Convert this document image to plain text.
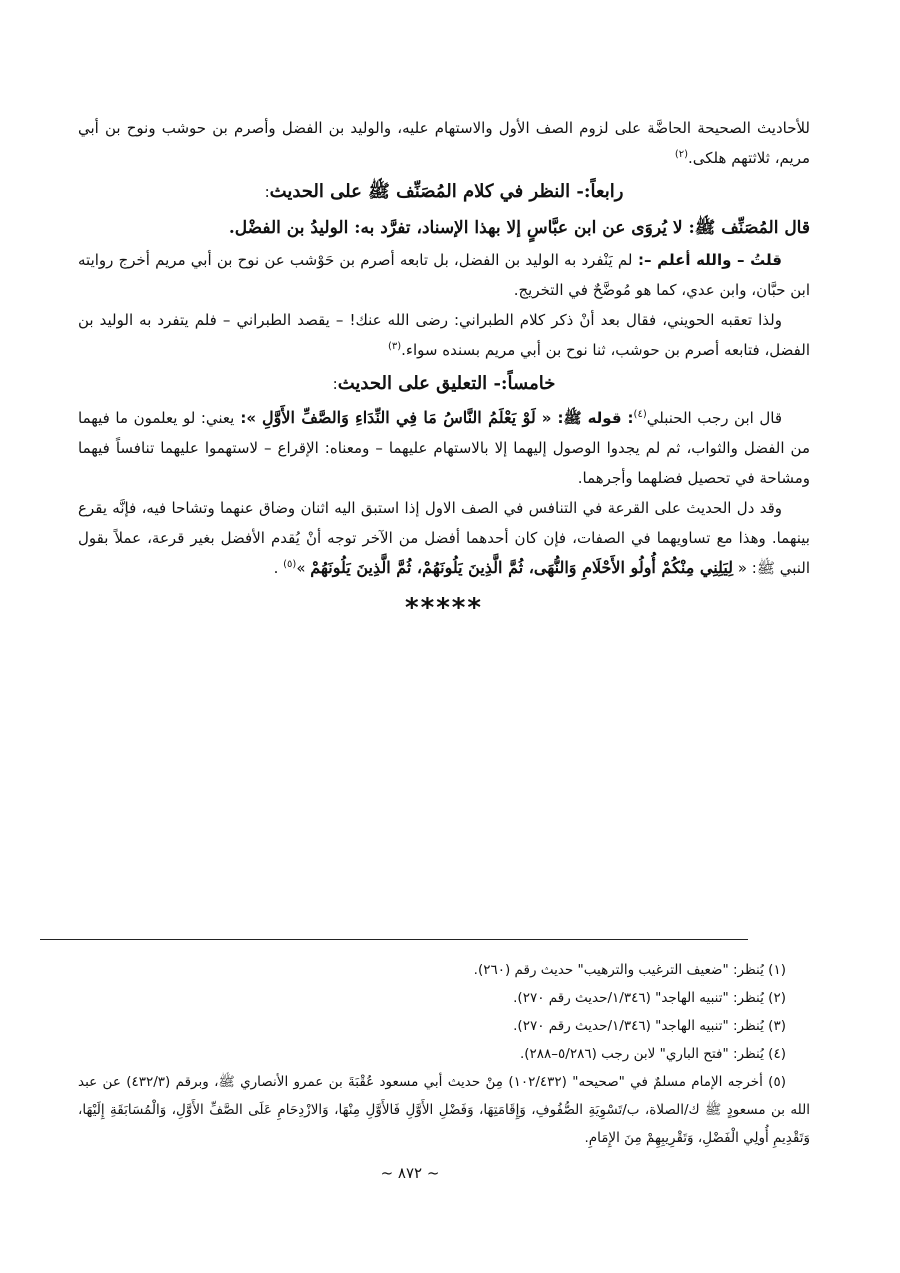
للأحاديث الصحيحة الحاضَّة على لزوم الصف الأول والاستهام عليه، والوليد بن الفضل وأصرم بن حوشب ونوح بن أبي مريم، ثلاثتهم هلكى.$^{(٢)}$

رابعاً:- النظر في كلام المُصَنِّف ﷺ على الحديث:
قال المُصَنِّف ﷺ: لا يُروَى عن ابن عبَّاسٍ إلا بهذا الإسناد، تفرَّد به: الوليدُ بن الفضْل.

قلتُ – والله أعلم –: لم يَنْفرد به الوليد بن الفضل، بل تابعه أصرم بن حَوْشب عن نوح بن أبي مريم أخرج روايته ابن حبَّان، وابن عدي، كما هو مُوضَّحٌ في التخريج.

ولذا تعقبه الحويني، فقال بعد أنْ ذكر كلام الطبراني: رضى الله عنك! – يقصد الطبراني – فلم يتفرد به الوليد بن الفضل، فتابعه أصرم بن حوشب، ثنا نوح بن أبي مريم بسنده سواء.$^{(٣)}$

خامساً:- التعليق على الحديث:

قال ابن رجب الحنبلي$^{(٤)}$: قوله ﷺ: « لَوْ يَعْلَمُ النَّاسُ مَا فِي النِّدَاءِ وَالصَّفِّ الأَوَّلِ »: يعني: لو يعلمون ما فيهما من الفضل والثواب، ثم لم يجدوا الوصول إليهما إلا بالاستهام عليهما – ومعناه: الإقراع – لاستهموا عليهما تنافساً فيهما ومشاحة في تحصيل فضلهما وأجرهما.

وقد دل الحديث على القرعة في التنافس في الصف الاول إذا استبق اليه اثنان وضاق عنهما وتشاحا فيه، فإنَّه يقرع بينهما. وهذا مع تساويهما في الصفات، فإن كان أحدهما أفضل من الآخر توجه أنْ يُقدم الأفضل بغير قرعة، عملاً بقول النبي ﷺ: « لِيَلِنِي مِنْكُمْ أُولُو الأَحْلَامِ وَالنُّهَى، ثُمَّ الَّذِينَ يَلُونَهُمْ، ثُمَّ الَّذِينَ يَلُونَهُمْ »$^{(٥)}$ .

*****

(١) يُنظر: "ضعيف الترغيب والترهيب" حديث رقم (٢٦٠).

(٢) يُنظر: "تنبيه الهاجد" (١/٣٤٦/حديث رقم ٢٧٠).

(٣) يُنظر: "تنبيه الهاجد" (١/٣٤٦/حديث رقم ٢٧٠).

(٤) يُنظر: "فتح الباري" لابن رجب (٥/٢٨٦–٢٨٨).

(٥) أخرجه الإمام مسلمٌ في "صحيحه" (١٠٢/٤٣٢) مِنْ حديث أبي مسعود عُقْبَةَ بن عمرو الأنصاري ﷺ، وبرقم (٤٣٢/٣) عن عبد الله بن مسعودٍ ﷺ ك/الصلاة، ب/تَسْوِيَةِ الصُّفُوفِ، وَإِقَامَتِهَا، وَفَضْلِ الأَوَّلِ فَالأَوَّلِ مِنْهَا، وَالازْدِحَامِ عَلَى الصَّفِّ الأَوَّلِ، وَالْمُسَابَقَةِ إِلَيْهَا، وَتَقْدِيمِ أُولِي الْفَضْلِ، وَتَقْرِيبِهِمْ مِنَ الإِمَامِ.

~ ٨٧٢ ~
